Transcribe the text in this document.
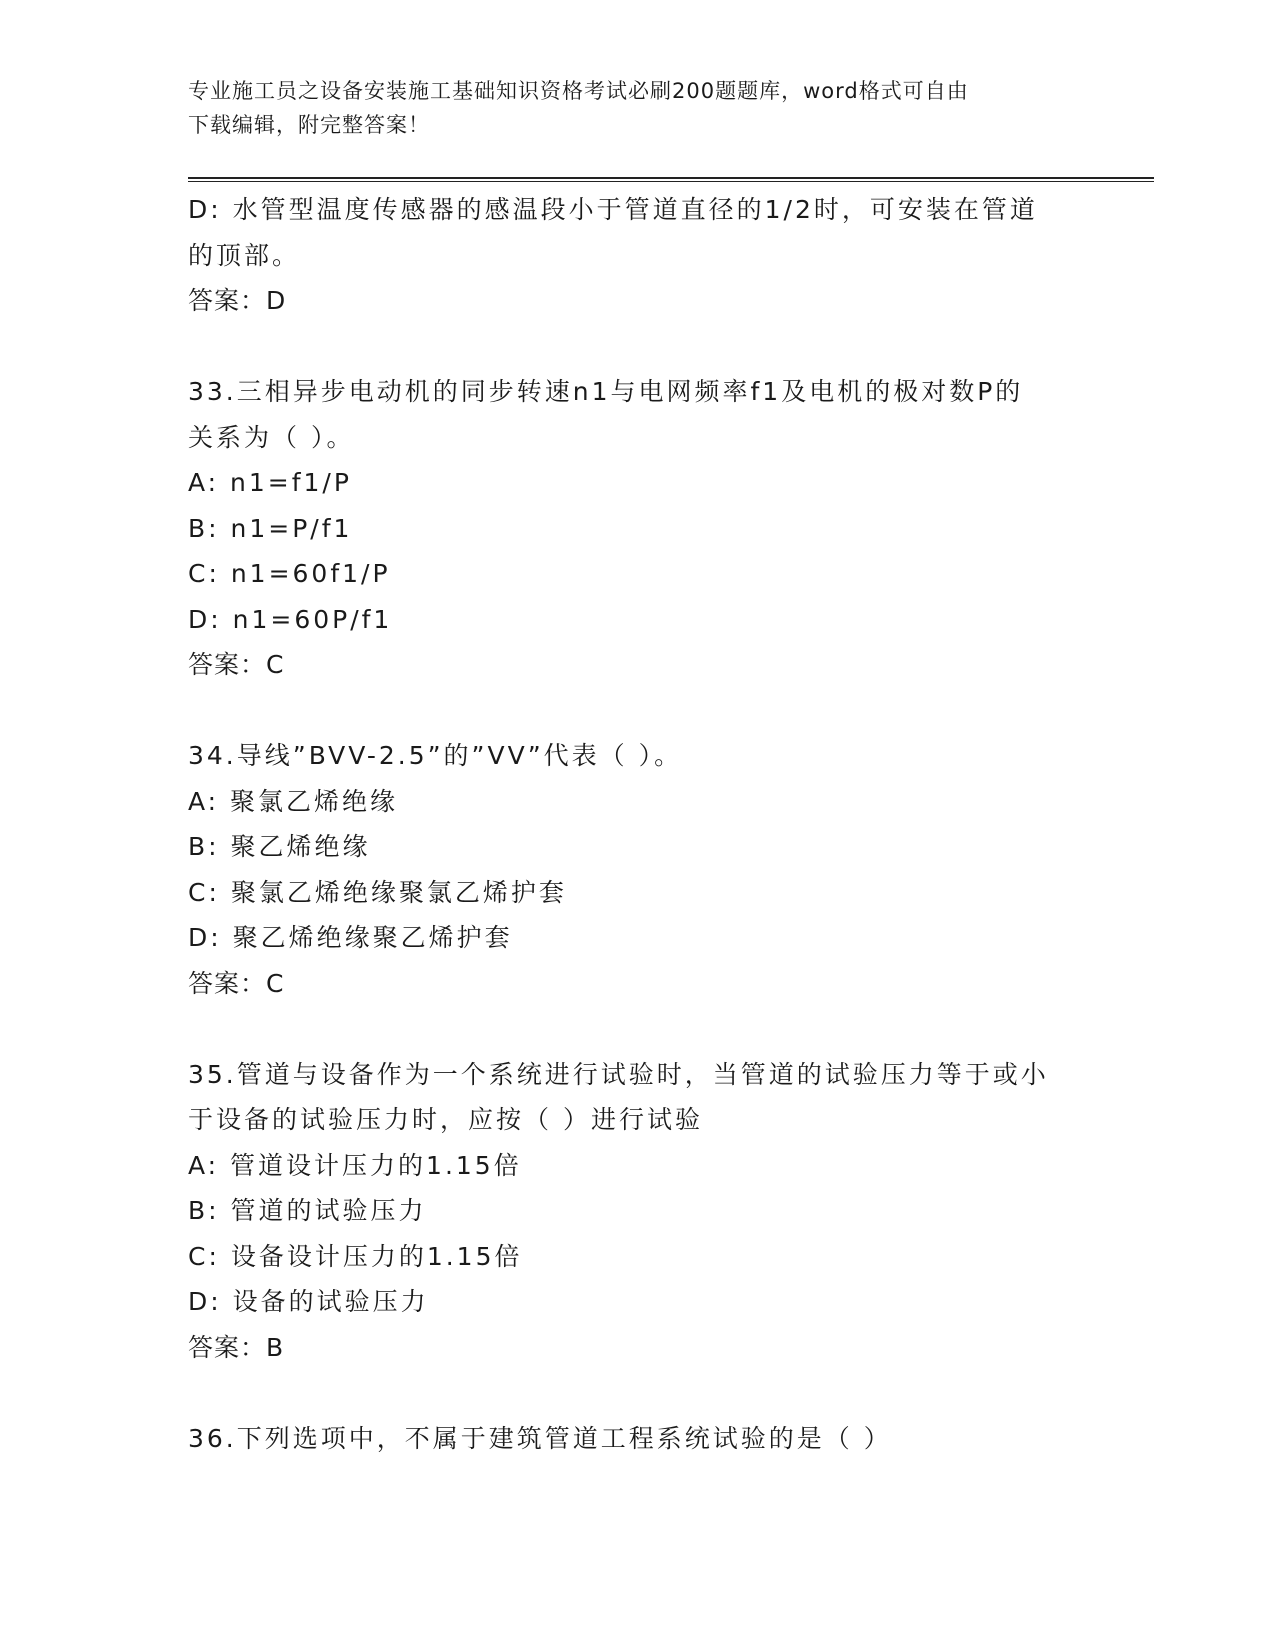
专业施工员之设备安装施工基础知识资格考试必刷200题题库，word格式可自由
下载编辑，附完整答案！
D: 水管型温度传感器的感温段小于管道直径的1/2时，可安装在管道
的顶部。
答案：D
33.三相异步电动机的同步转速n1与电网频率f1及电机的极对数P的
关系为（ ）。
A: n1=f1/P
B: n1=P/f1
C: n1=60f1/P
D: n1=60P/f1
答案：C
34.导线”BVV-2.5”的”VV”代表（ ）。
A: 聚氯乙烯绝缘
B: 聚乙烯绝缘
C: 聚氯乙烯绝缘聚氯乙烯护套
D: 聚乙烯绝缘聚乙烯护套
答案：C
35.管道与设备作为一个系统进行试验时，当管道的试验压力等于或小
于设备的试验压力时，应按（ ）进行试验
A: 管道设计压力的1.15倍
B: 管道的试验压力
C: 设备设计压力的1.15倍
D: 设备的试验压力
答案：B
36.下列选项中，不属于建筑管道工程系统试验的是（ ）
